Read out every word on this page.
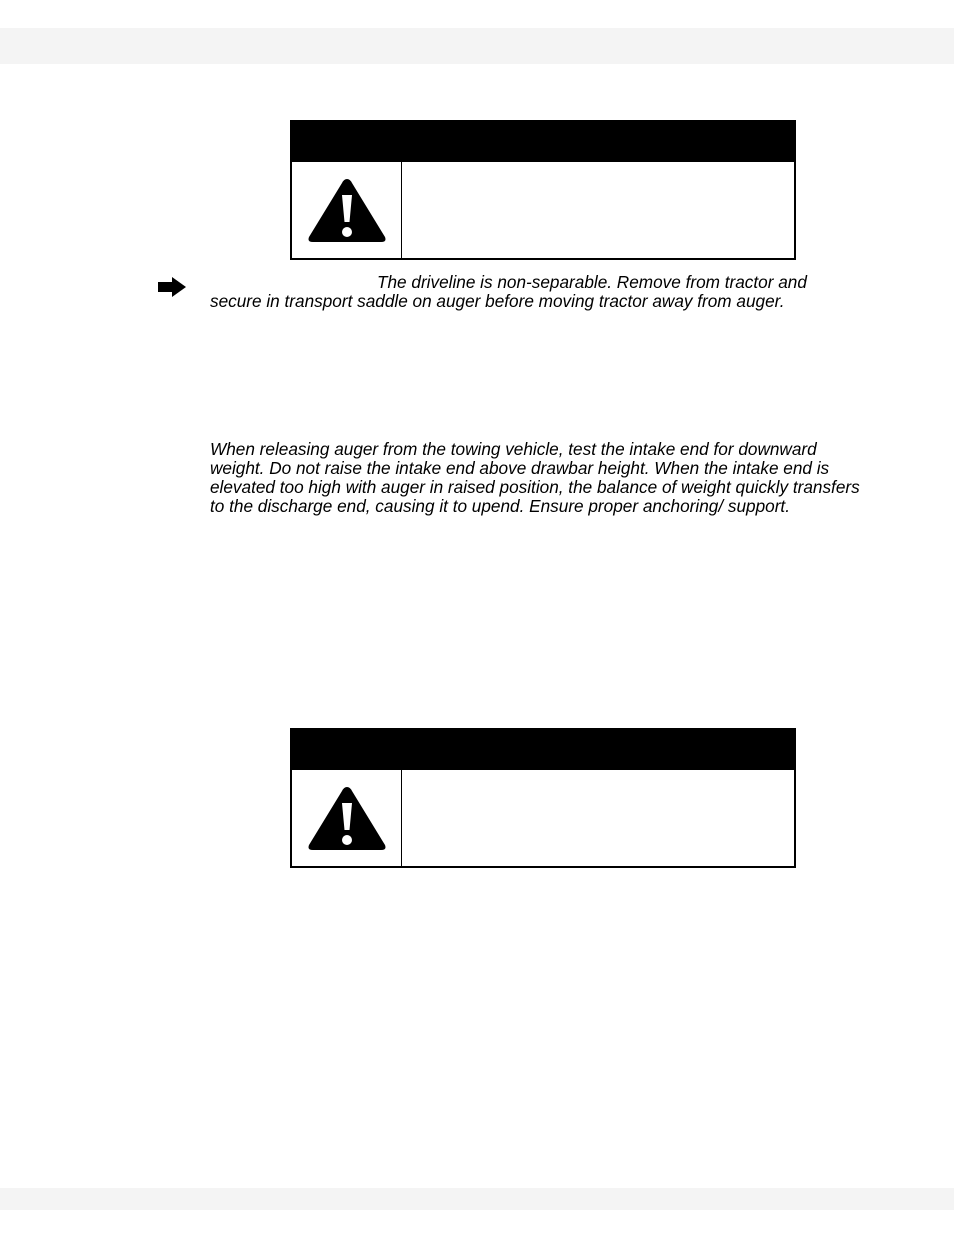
The driveline is non-separable. Remove from tractor and secure in transport saddle on auger before moving tractor away from auger.

When releasing auger from the towing vehicle, test the intake end for downward weight. Do not raise the intake end above drawbar height. When the intake end is elevated too high with auger in raised position, the balance of weight quickly transfers to the discharge end, causing it to upend. Ensure proper anchoring/ support.
